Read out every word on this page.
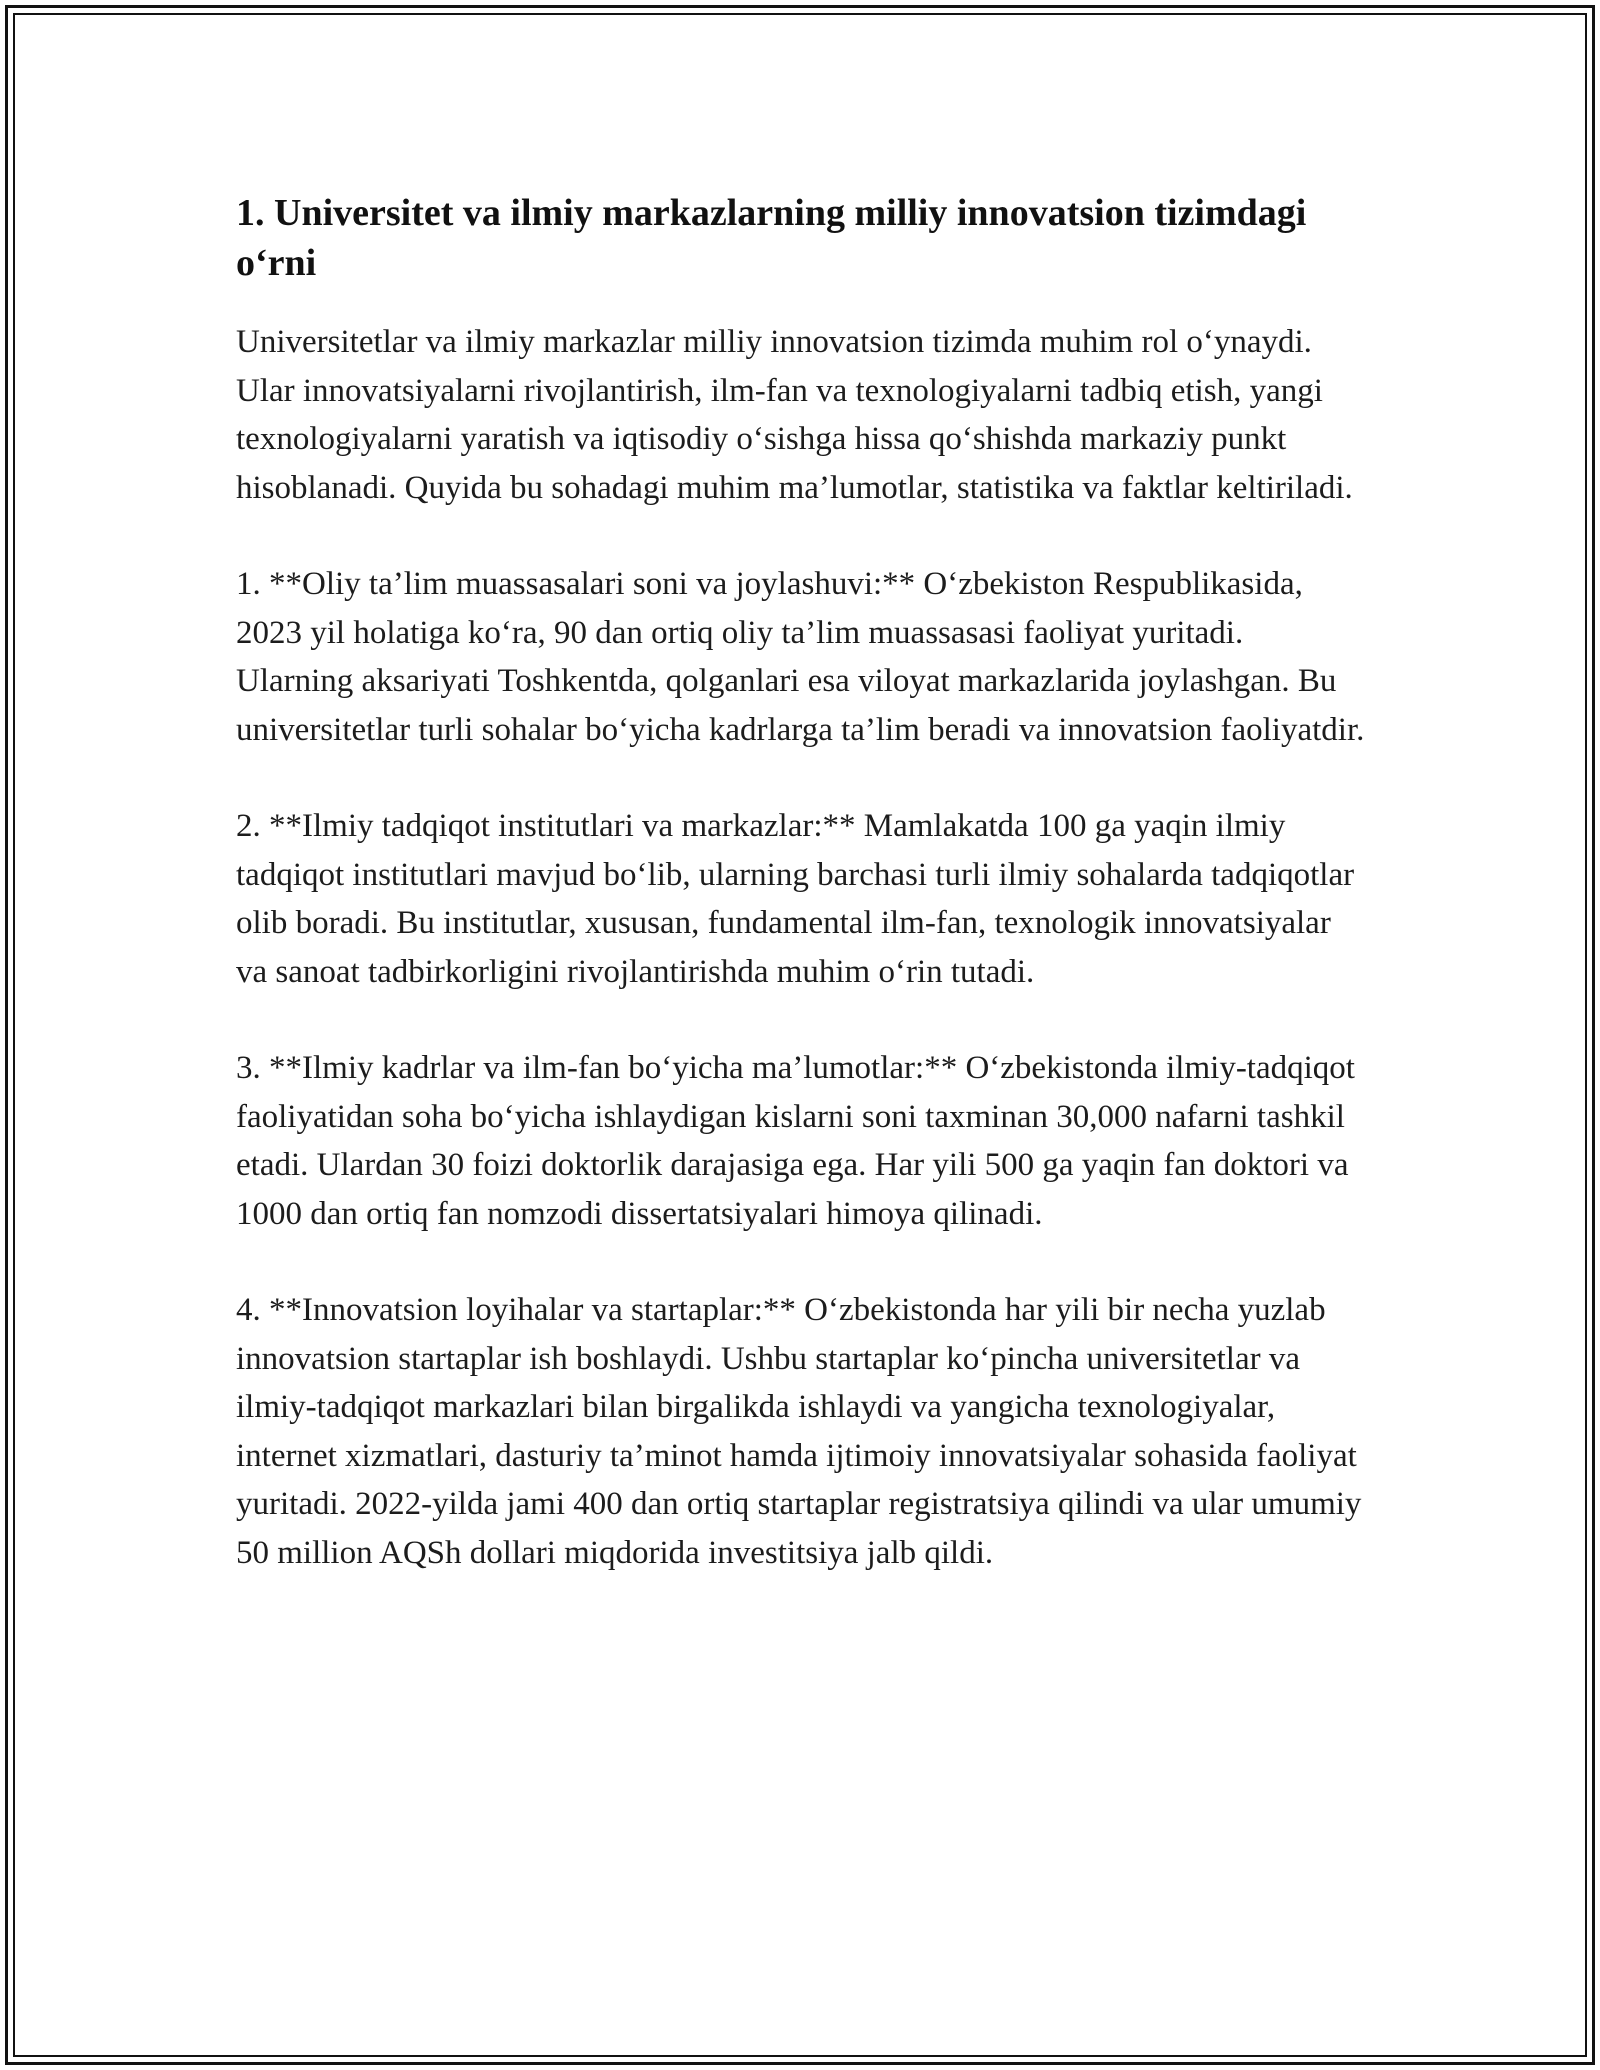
1. Universitet va ilmiy markazlarning milliy innovatsion tizimdagi o‘rni

Universitetlar va ilmiy markazlar milliy innovatsion tizimda muhim rol o‘ynaydi. Ular innovatsiyalarni rivojlantirish, ilm-fan va texnologiyalarni tadbiq etish, yangi texnologiyalarni yaratish va iqtisodiy o‘sishga hissa qo‘shishda markaziy punkt hisoblanadi. Quyida bu sohadagi muhim ma’lumotlar, statistika va faktlar keltiriladi.

1. **Oliy ta’lim muassasalari soni va joylashuvi:** O‘zbekiston Respublikasida, 2023 yil holatiga ko‘ra, 90 dan ortiq oliy ta’lim muassasasi faoliyat yuritadi. Ularning aksariyati Toshkentda, qolganlari esa viloyat markazlarida joylashgan. Bu universitetlar turli sohalar bo‘yicha kadrlarga ta’lim beradi va innovatsion faoliyatdir.

2. **Ilmiy tadqiqot institutlari va markazlar:** Mamlakatda 100 ga yaqin ilmiy tadqiqot institutlari mavjud bo‘lib, ularning barchasi turli ilmiy sohalarda tadqiqotlar olib boradi. Bu institutlar, xususan, fundamental ilm-fan, texnologik innovatsiyalar va sanoat tadbirkorligini rivojlantirishda muhim o‘rin tutadi.

3. **Ilmiy kadrlar va ilm-fan bo‘yicha ma’lumotlar:** O‘zbekistonda ilmiy-tadqiqot faoliyatidan soha bo‘yicha ishlaydigan kislarni soni taxminan 30,000 nafarni tashkil etadi. Ulardan 30 foizi doktorlik darajasiga ega. Har yili 500 ga yaqin fan doktori va 1000 dan ortiq fan nomzodi dissertatsiyalari himoya qilinadi.

4. **Innovatsion loyihalar va startaplar:** O‘zbekistonda har yili bir necha yuzlab innovatsion startaplar ish boshlaydi. Ushbu startaplar ko‘pincha universitetlar va ilmiy-tadqiqot markazlari bilan birgalikda ishlaydi va yangicha texnologiyalar, internet xizmatlari, dasturiy ta’minot hamda ijtimoiy innovatsiyalar sohasida faoliyat yuritadi. 2022-yilda jami 400 dan ortiq startaplar registratsiya qilindi va ular umumiy 50 million AQSh dollari miqdorida investitsiya jalb qildi.
